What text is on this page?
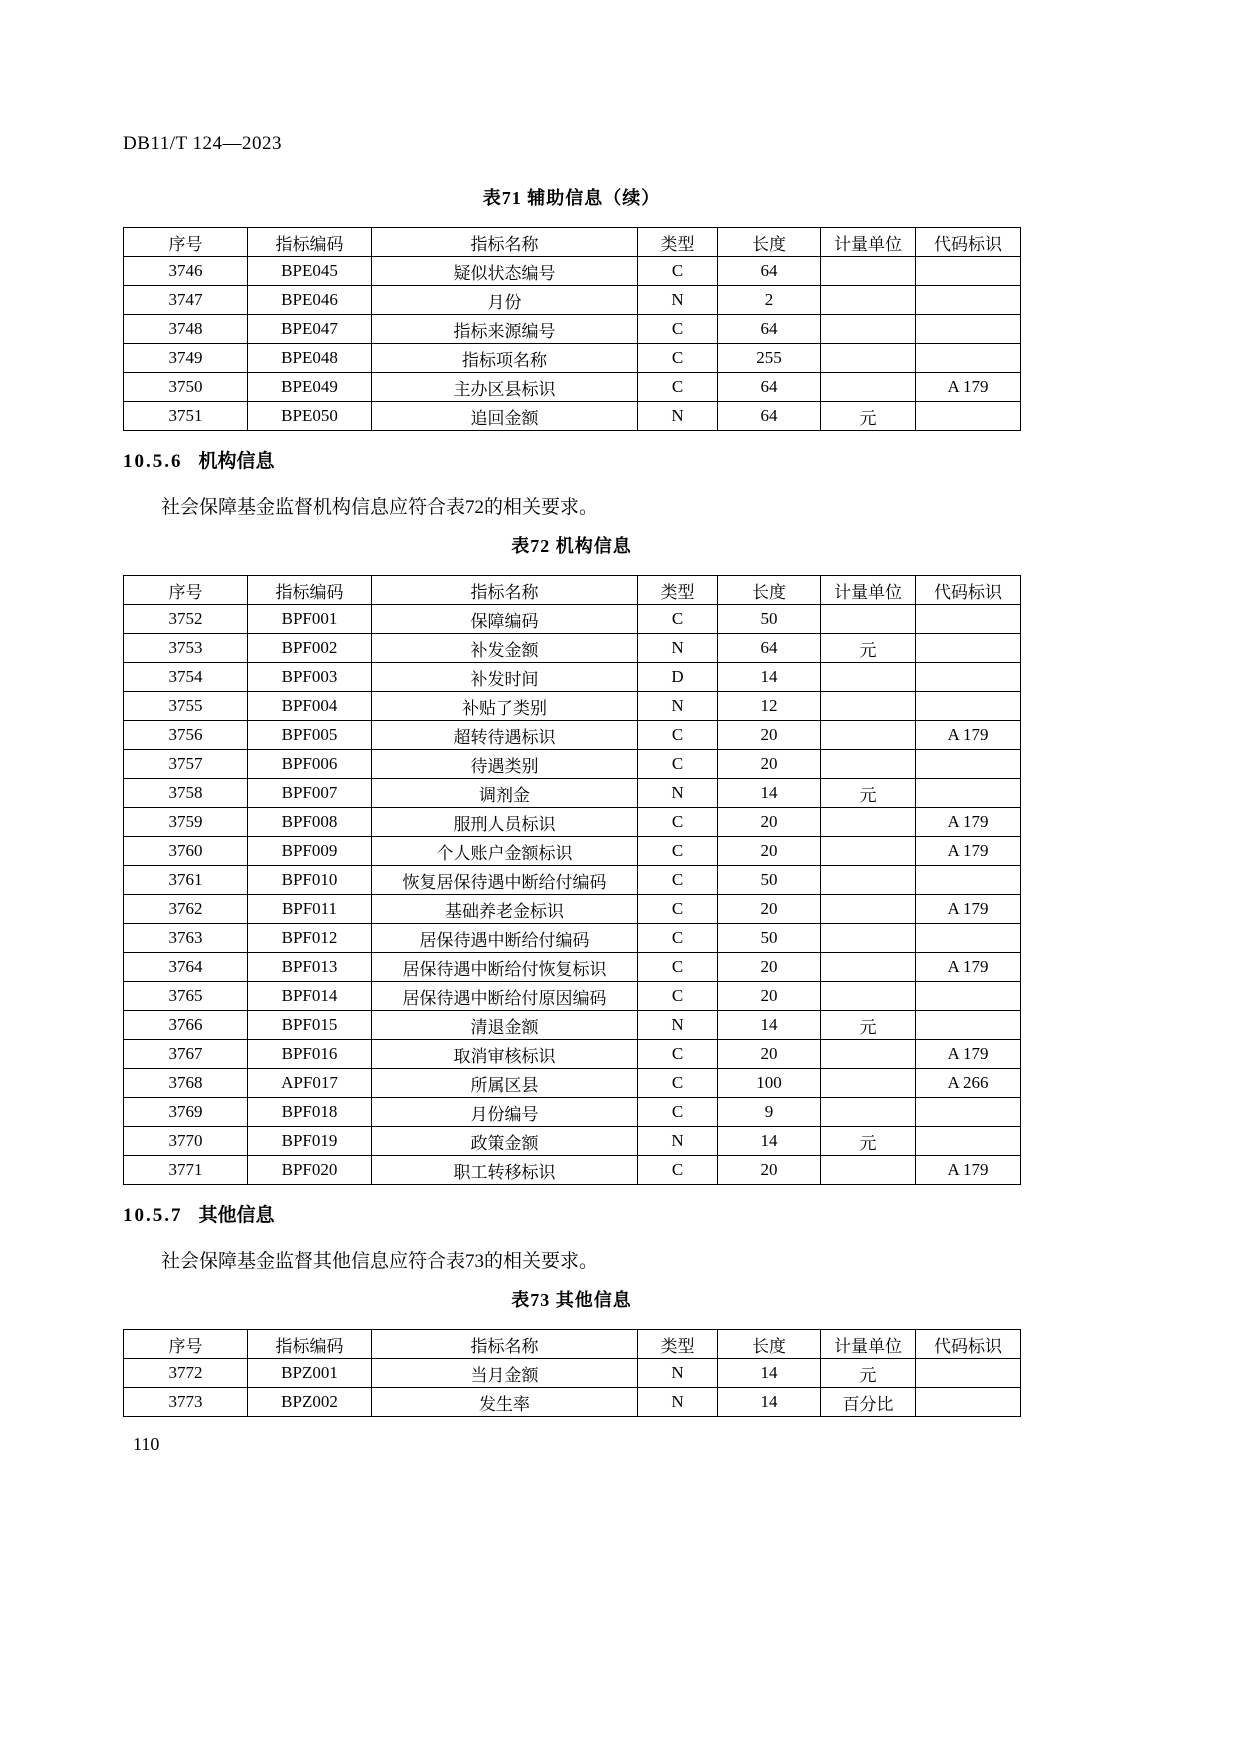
DB11/T 124—2023
表71 辅助信息（续）
序号	指标编码	指标名称	类型	长度	计量单位	代码标识
3746	BPE045	疑似状态编号	C	64		
3747	BPE046	月份	N	2		
3748	BPE047	指标来源编号	C	64		
3749	BPE048	指标项名称	C	255		
3750	BPE049	主办区县标识	C	64		A 179
3751	BPE050	追回金额	N	64	元	
10.5.6 机构信息

社会保障基金监督机构信息应符合表72的相关要求。

表72 机构信息
序号	指标编码	指标名称	类型	长度	计量单位	代码标识
3752	BPF001	保障编码	C	50		
3753	BPF002	补发金额	N	64	元	
3754	BPF003	补发时间	D	14		
3755	BPF004	补贴了类别	N	12		
3756	BPF005	超转待遇标识	C	20		A 179
3757	BPF006	待遇类别	C	20		
3758	BPF007	调剂金	N	14	元	
3759	BPF008	服刑人员标识	C	20		A 179
3760	BPF009	个人账户金额标识	C	20		A 179
3761	BPF010	恢复居保待遇中断给付编码	C	50		
3762	BPF011	基础养老金标识	C	20		A 179
3763	BPF012	居保待遇中断给付编码	C	50		
3764	BPF013	居保待遇中断给付恢复标识	C	20		A 179
3765	BPF014	居保待遇中断给付原因编码	C	20		
3766	BPF015	清退金额	N	14	元	
3767	BPF016	取消审核标识	C	20		A 179
3768	APF017	所属区县	C	100		A 266
3769	BPF018	月份编号	C	9		
3770	BPF019	政策金额	N	14	元	
3771	BPF020	职工转移标识	C	20		A 179
10.5.7 其他信息

社会保障基金监督其他信息应符合表73的相关要求。

表73 其他信息
序号	指标编码	指标名称	类型	长度	计量单位	代码标识
3772	BPZ001	当月金额	N	14	元	
3773	BPZ002	发生率	N	14	百分比	
110
